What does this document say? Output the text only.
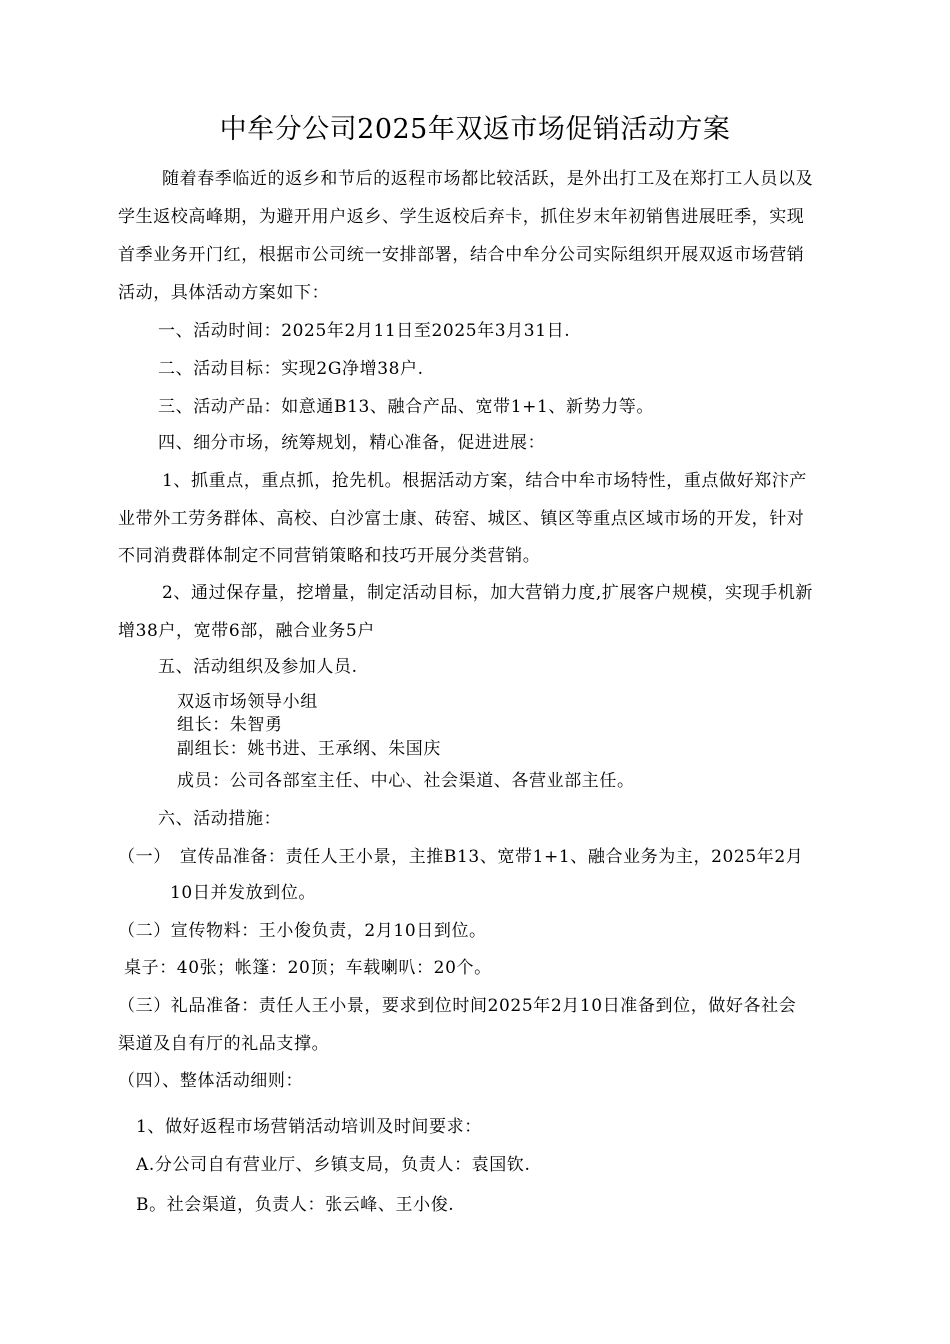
中牟分公司2025年双返市场促销活动方案
随着春季临近的返乡和节后的返程市场都比较活跃，是外出打工及在郑打工人员以及
学生返校高峰期，为避开用户返乡、学生返校后弃卡，抓住岁末年初销售进展旺季，实现
首季业务开门红，根据市公司统一安排部署，结合中牟分公司实际组织开展双返市场营销
活动，具体活动方案如下：
一、活动时间：2025年2月11日至2025年3月31日.
二、活动目标：实现2G净增38户.
三、活动产品：如意通B13、融合产品、宽带1+1、新势力等。
四、细分市场，统筹规划，精心准备，促进进展：
1、抓重点，重点抓，抢先机。根据活动方案，结合中牟市场特性，重点做好郑汴产
业带外工劳务群体、高校、白沙富士康、砖窑、城区、镇区等重点区域市场的开发，针对
不同消费群体制定不同营销策略和技巧开展分类营销。
2、通过保存量，挖增量，制定活动目标，加大营销力度,扩展客户规模，实现手机新
增38户，宽带6部，融合业务5户
五、活动组织及参加人员.
双返市场领导小组
组长：朱智勇
副组长：姚书进、王承纲、朱国庆
成员：公司各部室主任、中心、社会渠道、各营业部主任。
六、活动措施：
（一）　宣传品准备：责任人王小景，主推B13、宽带1+1、融合业务为主，2025年2月
10日并发放到位。
（二）宣传物料：王小俊负责，2月10日到位。
桌子：40张；帐篷：20顶；车载喇叭：20个。
（三）礼品准备：责任人王小景，要求到位时间2025年2月10日准备到位，做好各社会
渠道及自有厅的礼品支撑。
（四）、整体活动细则：
1、做好返程市场营销活动培训及时间要求：
A.分公司自有营业厅、乡镇支局，负责人：袁国钦.
B。社会渠道，负责人：张云峰、王小俊.
